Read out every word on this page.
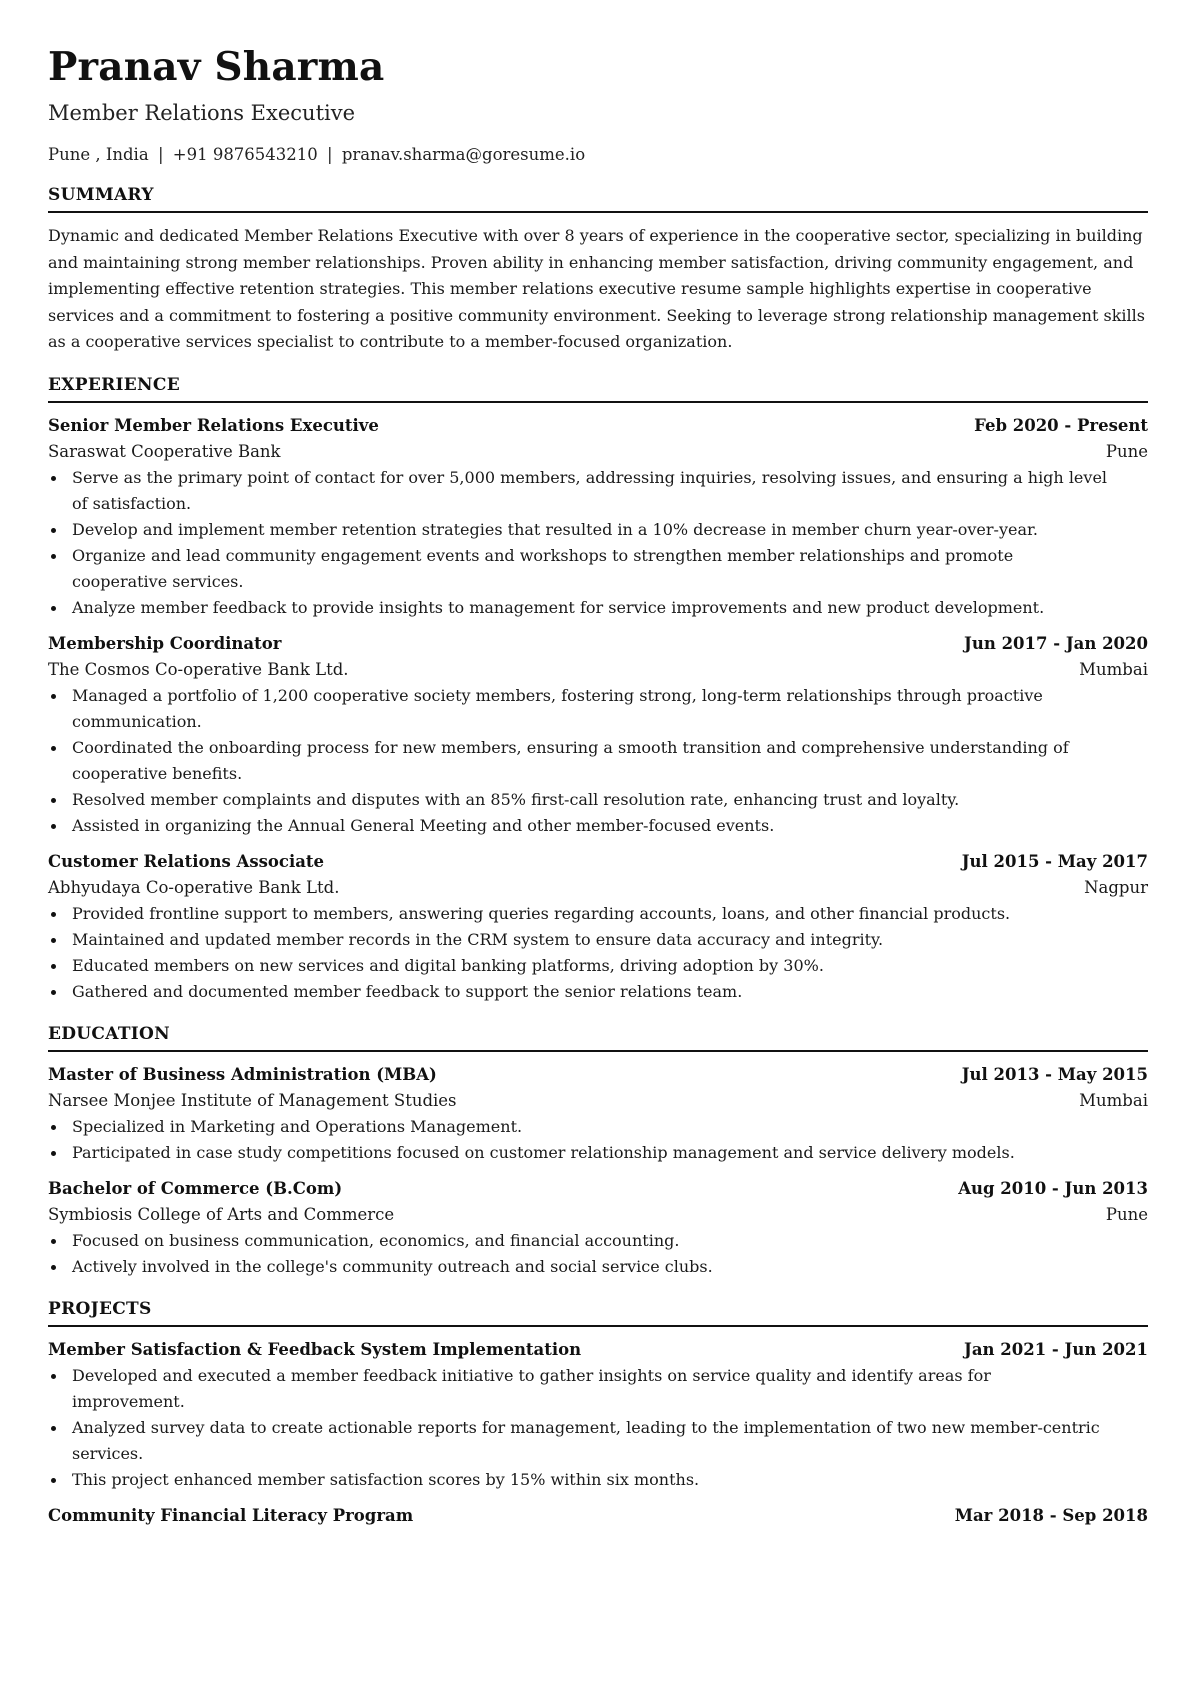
Pranav Sharma
Member Relations Executive
Pune , India | +91 9876543210 | pranav.sharma@goresume.io
SUMMARY

Dynamic and dedicated Member Relations Executive with over 8 years of experience in the cooperative sector, specializing in building and maintaining strong member relationships. Proven ability in enhancing member satisfaction, driving community engagement, and implementing effective retention strategies. This member relations executive resume sample highlights expertise in cooperative services and a commitment to fostering a positive community environment. Seeking to leverage strong relationship management skills as a cooperative services specialist to contribute to a member-focused organization.

EXPERIENCE
Senior Member Relations Executive	Feb 2020 - Present
Saraswat Cooperative Bank	Pune
Serve as the primary point of contact for over 5,000 members, addressing inquiries, resolving issues, and ensuring a high level of satisfaction.
Develop and implement member retention strategies that resulted in a 10% decrease in member churn year-over-year.
Organize and lead community engagement events and workshops to strengthen member relationships and promote cooperative services.
Analyze member feedback to provide insights to management for service improvements and new product development.
Membership Coordinator	Jun 2017 - Jan 2020
The Cosmos Co-operative Bank Ltd.	Mumbai
Managed a portfolio of 1,200 cooperative society members, fostering strong, long-term relationships through proactive communication.
Coordinated the onboarding process for new members, ensuring a smooth transition and comprehensive understanding of cooperative benefits.
Resolved member complaints and disputes with an 85% first-call resolution rate, enhancing trust and loyalty.
Assisted in organizing the Annual General Meeting and other member-focused events.
Customer Relations Associate	Jul 2015 - May 2017
Abhyudaya Co-operative Bank Ltd.	Nagpur
Provided frontline support to members, answering queries regarding accounts, loans, and other financial products.
Maintained and updated member records in the CRM system to ensure data accuracy and integrity.
Educated members on new services and digital banking platforms, driving adoption by 30%.
Gathered and documented member feedback to support the senior relations team.
EDUCATION
Master of Business Administration (MBA)	Jul 2013 - May 2015
Narsee Monjee Institute of Management Studies	Mumbai
Specialized in Marketing and Operations Management.
Participated in case study competitions focused on customer relationship management and service delivery models.
Bachelor of Commerce (B.Com)	Aug 2010 - Jun 2013
Symbiosis College of Arts and Commerce	Pune
Focused on business communication, economics, and financial accounting.
Actively involved in the college's community outreach and social service clubs.
PROJECTS
Member Satisfaction & Feedback System Implementation	Jan 2021 - Jun 2021
Developed and executed a member feedback initiative to gather insights on service quality and identify areas for improvement.
Analyzed survey data to create actionable reports for management, leading to the implementation of two new member-centric services.
This project enhanced member satisfaction scores by 15% within six months.
Community Financial Literacy Program	Mar 2018 - Sep 2018
